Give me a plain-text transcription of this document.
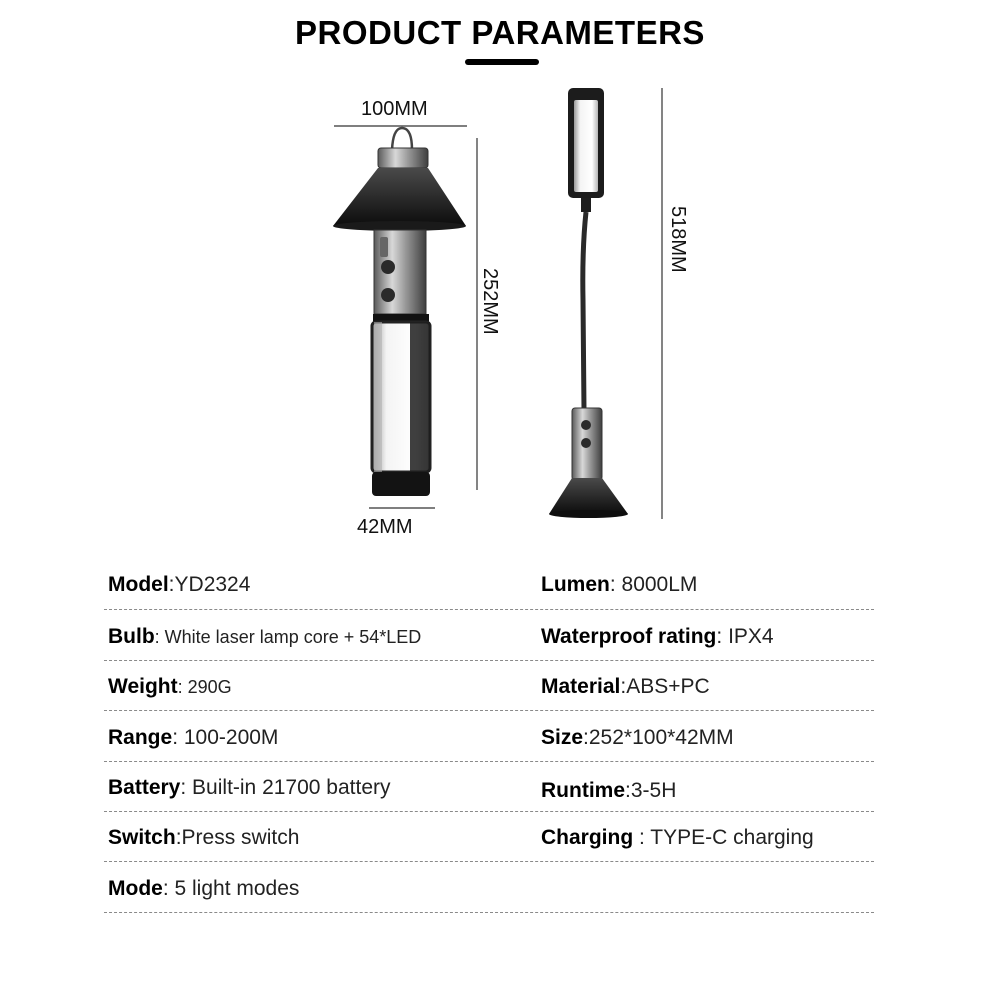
PRODUCT PARAMETERS
100MM
252MM
518MM
42MM
Model:YD2324
Bulb: White laser lamp core + 54*LED
Weight: 290G
Range: 100-200M
Battery: Built-in 21700 battery
Switch:Press switch
Mode: 5 light modes
Lumen: 8000LM
Waterproof rating: IPX4
Material:ABS+PC
Size:252*100*42MM
Runtime:3-5H
Charging : TYPE-C charging
